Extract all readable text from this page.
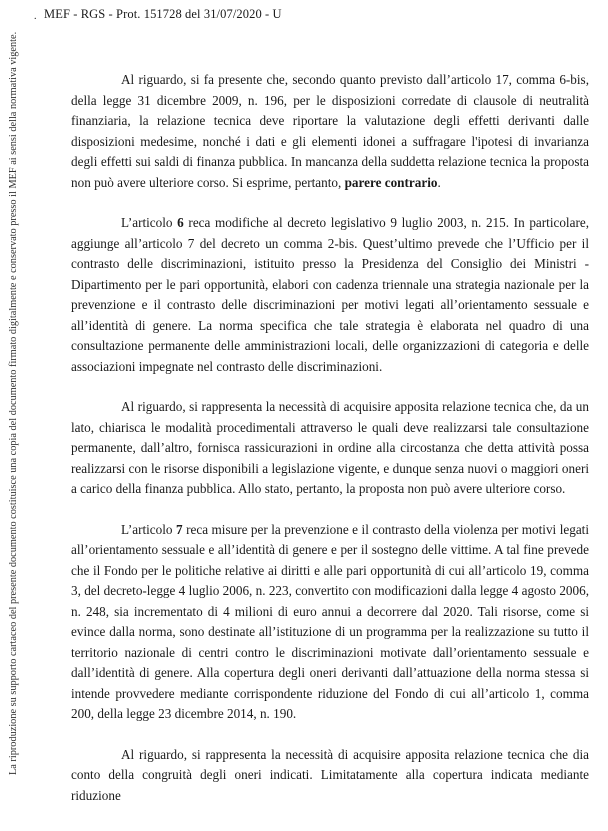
. MEF - RGS - Prot. 151728 del 31/07/2020 - U
La riproduzione su supporto cartaceo del presente documento costituisce una copia del documento firmato digitalmente e conservato presso il MEF ai sensi della normativa vigente.	Al riguardo, si fa presente che, secondo quanto previsto dall’articolo 17, comma 6-bis, della legge 31 dicembre 2009, n. 196, per le disposizioni corredate di clausole di neutralità finanziaria, la relazione tecnica deve riportare la valutazione degli effetti derivanti dalle disposizioni medesime, nonché i dati e gli elementi idonei a suffragare l'ipotesi di invarianza degli effetti sui saldi di finanza pubblica. In mancanza della suddetta relazione tecnica la proposta non può avere ulteriore corso. Si esprime, pertanto, parere contrario.

L’articolo 6 reca modifiche al decreto legislativo 9 luglio 2003, n. 215. In particolare, aggiunge all’articolo 7 del decreto un comma 2-bis. Quest’ultimo prevede che l’Ufficio per il contrasto delle discriminazioni, istituito presso la Presidenza del Consiglio dei Ministri - Dipartimento per le pari opportunità, elabori con cadenza triennale una strategia nazionale per la prevenzione e il contrasto delle discriminazioni per motivi legati all’orientamento sessuale e all’identità di genere. La norma specifica che tale strategia è elaborata nel quadro di una consultazione permanente delle amministrazioni locali, delle organizzazioni di categoria e delle associazioni impegnate nel contrasto delle discriminazioni.

Al riguardo, si rappresenta la necessità di acquisire apposita relazione tecnica che, da un lato, chiarisca le modalità procedimentali attraverso le quali deve realizzarsi tale consultazione permanente, dall’altro, fornisca rassicurazioni in ordine alla circostanza che detta attività possa realizzarsi con le risorse disponibili a legislazione vigente, e dunque senza nuovi o maggiori oneri a carico della finanza pubblica. Allo stato, pertanto, la proposta non può avere ulteriore corso.

L’articolo 7 reca misure per la prevenzione e il contrasto della violenza per motivi legati all’orientamento sessuale e all’identità di genere e per il sostegno delle vittime. A tal fine prevede che il Fondo per le politiche relative ai diritti e alle pari opportunità di cui all’articolo 19, comma 3, del decreto-legge 4 luglio 2006, n. 223, convertito con modificazioni dalla legge 4 agosto 2006, n. 248, sia incrementato di 4 milioni di euro annui a decorrere dal 2020. Tali risorse, come si evince dalla norma, sono destinate all’istituzione di un programma per la realizzazione su tutto il territorio nazionale di centri contro le discriminazioni motivate dall’orientamento sessuale e dall’identità di genere. Alla copertura degli oneri derivanti dall’attuazione della norma stessa si intende provvedere mediante corrispondente riduzione del Fondo di cui all’articolo 1, comma 200, della legge 23 dicembre 2014, n. 190.

Al riguardo, si rappresenta la necessità di acquisire apposita relazione tecnica che dia conto della congruità degli oneri indicati. Limitatamente alla copertura indicata mediante riduzione
